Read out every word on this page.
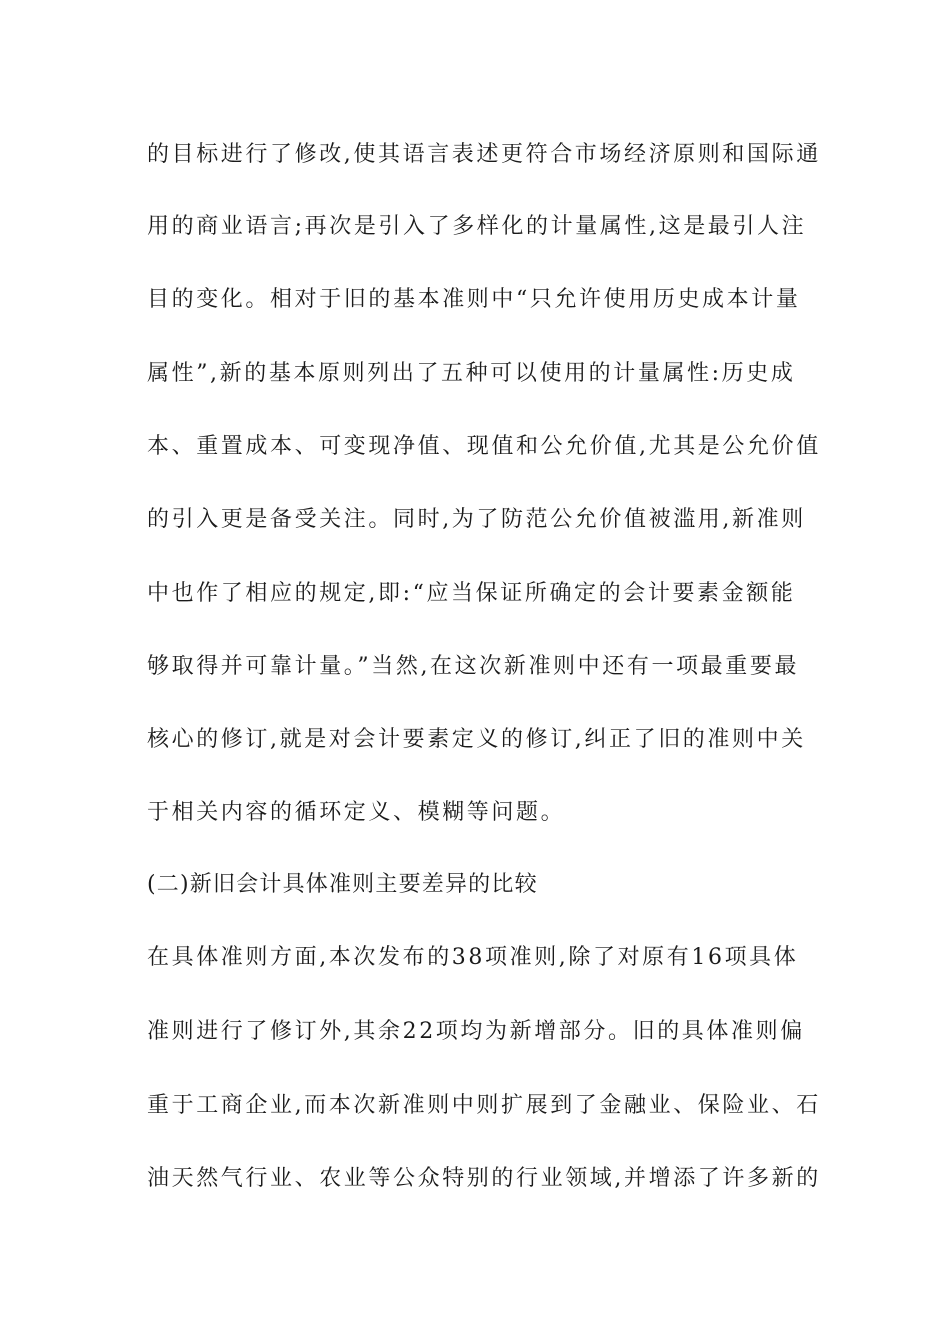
的目标进行了修改,使其语言表述更符合市场经济原则和国际通
用的商业语言;再次是引入了多样化的计量属性,这是最引人注
目的变化。相对于旧的基本准则中“只允许使用历史成本计量
属性”,新的基本原则列出了五种可以使用的计量属性:历史成
本、重置成本、可变现净值、现值和公允价值,尤其是公允价值
的引入更是备受关注。同时,为了防范公允价值被滥用,新准则
中也作了相应的规定,即:“应当保证所确定的会计要素金额能
够取得并可靠计量。”当然,在这次新准则中还有一项最重要最
核心的修订,就是对会计要素定义的修订,纠正了旧的准则中关
于相关内容的循环定义、模糊等问题。
(二)新旧会计具体准则主要差异的比较
在具体准则方面,本次发布的38项准则,除了对原有16项具体
准则进行了修订外,其余22项均为新增部分。旧的具体准则偏
重于工商企业,而本次新准则中则扩展到了金融业、保险业、石
油天然气行业、农业等公众特别的行业领域,并增添了许多新的
